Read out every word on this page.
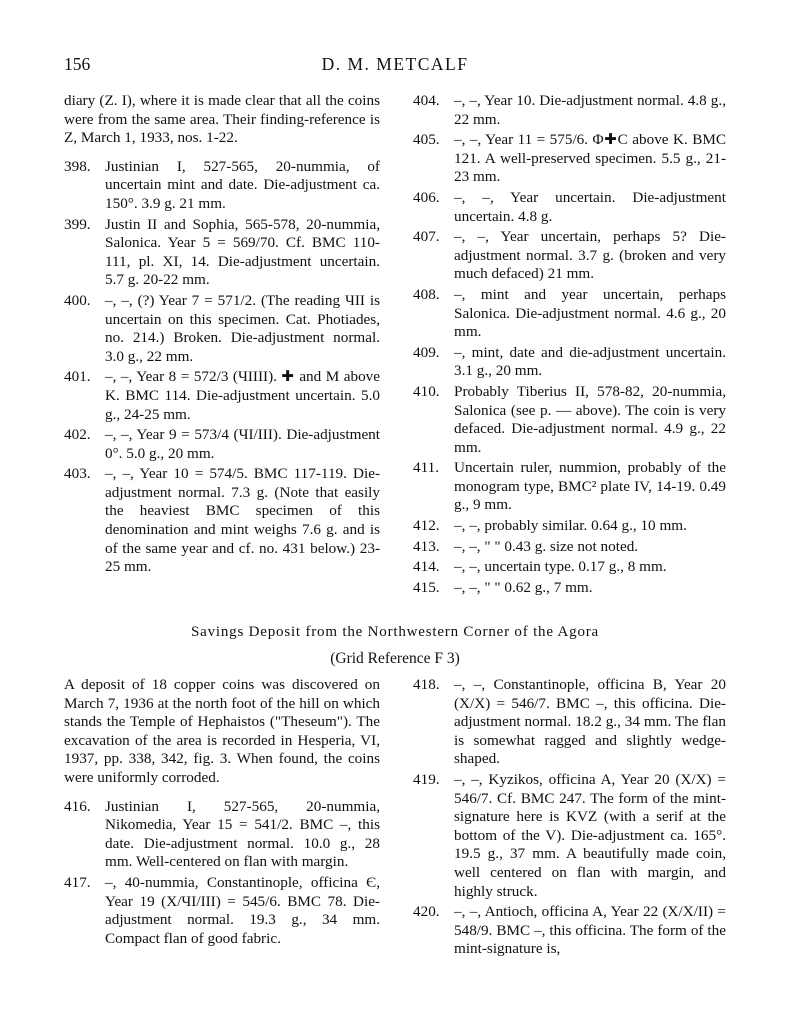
156	D. M. METCALF

diary (Z. I), where it is made clear that all the coins were from the same area. Their finding-reference is Z, March 1, 1933, nos. 1-22.

398. Justinian I, 527-565, 20-nummia, of uncertain mint and date. Die-adjustment ca. 150°. 3.9 g. 21 mm.
399. Justin II and Sophia, 565-578, 20-nummia, Salonica. Year 5 = 569/70. Cf. BMC 110-111, pl. XI, 14. Die-adjustment uncertain. 5.7 g. 20-22 mm.
400. –, –, (?) Year 7 = 571/2. (The reading ЧII is uncertain on this specimen. Cat. Photiades, no. 214.) Broken. Die-adjustment normal. 3.0 g., 22 mm.
401. –, –, Year 8 = 572/3 (ЧIIII). ✚ and M above K. BMC 114. Die-adjustment uncertain. 5.0 g., 24-25 mm.
402. –, –, Year 9 = 573/4 (ЧI/III). Die-adjustment 0°. 5.0 g., 20 mm.
403. –, –, Year 10 = 574/5. BMC 117-119. Die-adjustment normal. 7.3 g. (Note that easily the heaviest BMC specimen of this denomination and mint weighs 7.6 g. and is of the same year and cf. no. 431 below.) 23-25 mm.
404. –, –, Year 10. Die-adjustment normal. 4.8 g., 22 mm.
405. –, –, Year 11 = 575/6. Φ✚C above K. BMC 121. A well-preserved specimen. 5.5 g., 21-23 mm.
406. –, –, Year uncertain. Die-adjustment uncertain. 4.8 g.
407. –, –, Year uncertain, perhaps 5? Die-adjustment normal. 3.7 g. (broken and very much defaced) 21 mm.
408. –, mint and year uncertain, perhaps Salonica. Die-adjustment normal. 4.6 g., 20 mm.
409. –, mint, date and die-adjustment uncertain. 3.1 g., 20 mm.
410. Probably Tiberius II, 578-82, 20-nummia, Salonica (see p. — above). The coin is very defaced. Die-adjustment normal. 4.9 g., 22 mm.
411. Uncertain ruler, nummion, probably of the monogram type, BMC² plate IV, 14-19. 0.49 g., 9 mm.
412. –, –, probably similar. 0.64 g., 10 mm.
413. –, –, " " 0.43 g. size not noted.
414. –, –, uncertain type. 0.17 g., 8 mm.
415. –, –, " " 0.62 g., 7 mm.
Savings Deposit from the Northwestern Corner of the Agora
(Grid Reference F 3)

A deposit of 18 copper coins was discovered on March 7, 1936 at the north foot of the hill on which stands the Temple of Hephaistos ("Theseum"). The excavation of the area is recorded in Hesperia, VI, 1937, pp. 338, 342, fig. 3. When found, the coins were uniformly corroded.

416. Justinian I, 527-565, 20-nummia, Nikomedia, Year 15 = 541/2. BMC –, this date. Die-adjustment normal. 10.0 g., 28 mm. Well-centered on flan with margin.
417. –, 40-nummia, Constantinople, officina Є, Year 19 (X/ЧI/III) = 545/6. BMC 78. Die-adjustment normal. 19.3 g., 34 mm. Compact flan of good fabric.
418. –, –, Constantinople, officina B, Year 20 (X/X) = 546/7. BMC –, this officina. Die-adjustment normal. 18.2 g., 34 mm. The flan is somewhat ragged and slightly wedge-shaped.
419. –, –, Kyzikos, officina A, Year 20 (X/X) = 546/7. Cf. BMC 247. The form of the mint-signature here is KVZ (with a serif at the bottom of the V). Die-adjustment ca. 165°. 19.5 g., 37 mm. A beautifully made coin, well centered on flan with margin, and highly struck.
420. –, –, Antioch, officina A, Year 22 (X/X/II) = 548/9. BMC –, this officina. The form of the mint-signature is,
